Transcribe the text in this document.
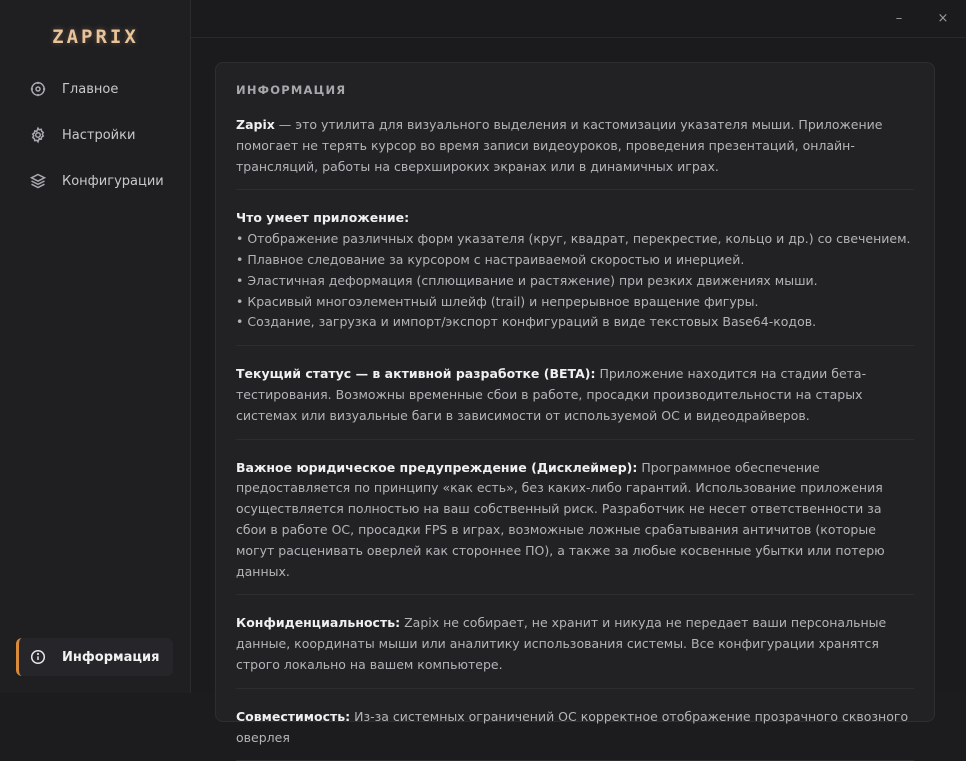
ZAPRIX
Главное
Настройки
Конфигурации
Информация
–	×
ИНФОРМАЦИЯ
Zapix — это утилита для визуального выделения и кастомизации указателя мыши. Приложение помогает не терять курсор во время записи видеоуроков, проведения презентаций, онлайн-трансляций, работы на сверхшироких экранах или в динамичных играх.
Что умеет приложение:
• Отображение различных форм указателя (круг, квадрат, перекрестие, кольцо и др.) со свечением.
• Плавное следование за курсором с настраиваемой скоростью и инерцией.
• Эластичная деформация (сплющивание и растяжение) при резких движениях мыши.
• Красивый многоэлементный шлейф (trail) и непрерывное вращение фигуры.
• Создание, загрузка и импорт/экспорт конфигураций в виде текстовых Base64-кодов.
Текущий статус — в активной разработке (BETA): Приложение находится на стадии бета-тестирования. Возможны временные сбои в работе, просадки производительности на старых системах или визуальные баги в зависимости от используемой ОС и видеодрайверов.
Важное юридическое предупреждение (Дисклеймер): Программное обеспечение предоставляется по принципу «как есть», без каких-либо гарантий. Использование приложения осуществляется полностью на ваш собственный риск. Разработчик не несет ответственности за сбои в работе ОС, просадки FPS в играх, возможные ложные срабатывания античитов (которые могут расценивать оверлей как стороннее ПО), а также за любые косвенные убытки или потерю данных.
Конфиденциальность: Zapix не собирает, не хранит и никуда не передает ваши персональные данные, координаты мыши или аналитику использования системы. Все конфигурации хранятся строго локально на вашем компьютере.
Совместимость: Из-за системных ограничений ОС корректное отображение прозрачного сквозного оверлея
